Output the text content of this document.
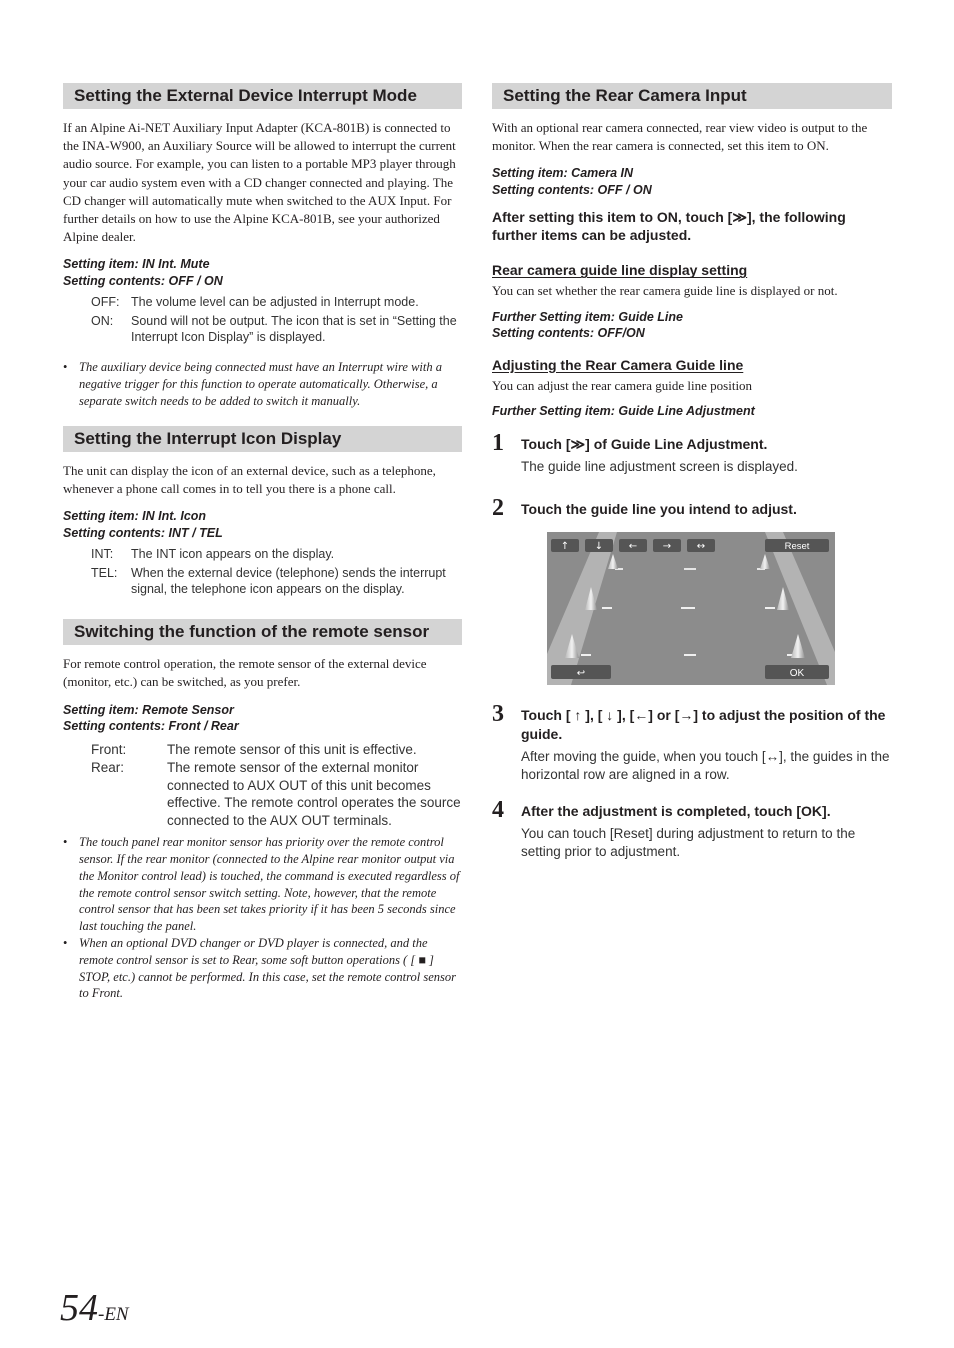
Setting the External Device Interrupt Mode

If an Alpine Ai-NET Auxiliary Input Adapter (KCA-801B) is connected to the INA-W900, an Auxiliary Source will be allowed to interrupt the current audio source. For example, you can listen to a portable MP3 player through your car audio system even with a CD changer connected and playing. The CD changer will automatically mute when switched to the AUX Input. For further details on how to use the Alpine KCA-801B, see your authorized Alpine dealer.

Setting item: IN Int. Mute
Setting contents: OFF / ON
OFF: The volume level can be adjusted in Interrupt mode.
ON:	Sound will not be output. The icon that is set in “Setting the Interrupt Icon Display” is displayed.
• The auxiliary device being connected must have an Interrupt wire with a negative trigger for this function to operate automatically. Otherwise, a separate switch needs to be added to switch it manually.
Setting the Interrupt Icon Display

The unit can display the icon of an external device, such as a telephone, whenever a phone call comes in to tell you there is a phone call.

Setting item: IN Int. Icon
Setting contents: INT / TEL
INT:	The INT icon appears on the display.
TEL:	When the external device (telephone) sends the interrupt signal, the telephone icon appears on the display.
Switching the function of the remote sensor

For remote control operation, the remote sensor of the external device (monitor, etc.) can be switched, as you prefer.

Setting item: Remote Sensor
Setting contents: Front / Rear
Front:	The remote sensor of this unit is effective.
Rear:	The remote sensor of the external monitor connected to AUX OUT of this unit becomes effective. The remote control operates the source connected to the AUX OUT terminals.
• The touch panel rear monitor sensor has priority over the remote control sensor. If the rear monitor (connected to the Alpine rear monitor output via the Monitor control lead) is touched, the command is executed regardless of the remote control sensor switch setting. Note, however, that the remote control sensor that has been set takes priority if it has been 5 seconds since last touching the panel.
• When an optional DVD changer or DVD player is connected, and the remote control sensor is set to Rear, some soft button operations ( [ ■ ] STOP, etc.) cannot be performed. In this case, set the remote control sensor to Front.
Setting the Rear Camera Input

With an optional rear camera connected, rear view video is output to the monitor. When the rear camera is connected, set this item to ON.

Setting item: Camera IN
Setting contents: OFF / ON
After setting this item to ON, touch [≫], the following further items can be adjusted.
Rear camera guide line display setting

You can set whether the rear camera guide line is displayed or not.

Further Setting item: Guide Line
Setting contents: OFF/ON
Adjusting the Rear Camera Guide line

You can adjust the rear camera guide line position

Further Setting item: Guide Line Adjustment
1 Touch [≫] of Guide Line Adjustment.
The guide line adjustment screen is displayed.
2 Touch the guide line you intend to adjust.
↑	↓	←	→	↔	Reset
↩	OK
3 Touch [ ↑ ], [ ↓ ], [←] or [→] to adjust the position of the guide.
After moving the guide, when you touch [↔], the guides in the horizontal row are aligned in a row.
4 After the adjustment is completed, touch [OK].
You can touch [Reset] during adjustment to return to the setting prior to adjustment.
54-EN
